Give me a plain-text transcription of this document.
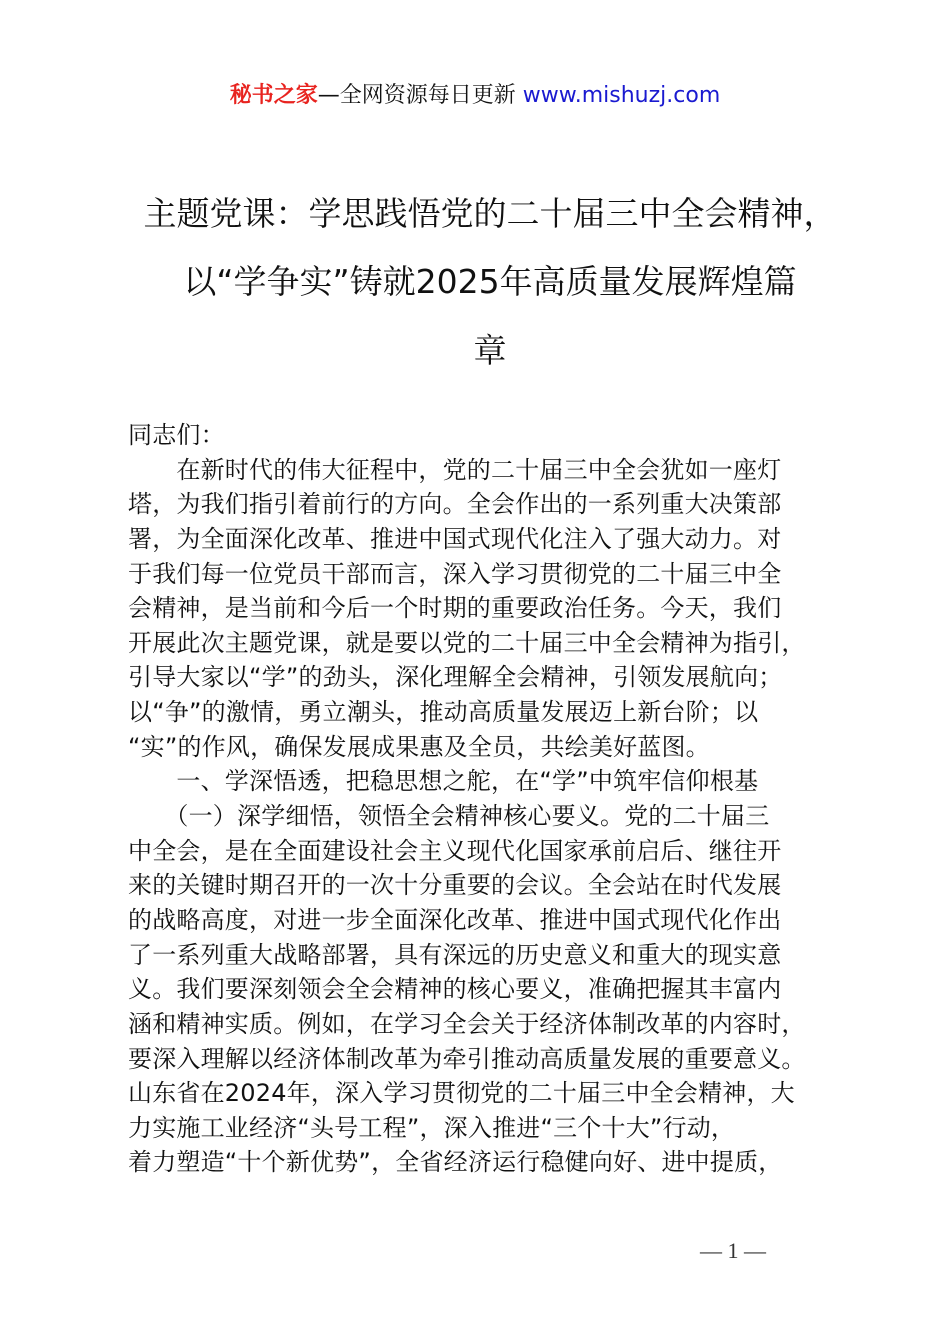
秘书之家—全网资源每日更新 www.mishuzj.com
主题党课：学思践悟党的二十届三中全会精神，
以“学争实”铸就2025年高质量发展辉煌篇
章
同志们：
　　在新时代的伟大征程中，党的二十届三中全会犹如一座灯
塔，为我们指引着前行的方向。全会作出的一系列重大决策部
署，为全面深化改革、推进中国式现代化注入了强大动力。对
于我们每一位党员干部而言，深入学习贯彻党的二十届三中全
会精神，是当前和今后一个时期的重要政治任务。今天，我们
开展此次主题党课，就是要以党的二十届三中全会精神为指引，
引导大家以“学”的劲头，深化理解全会精神，引领发展航向；
以“争”的激情，勇立潮头，推动高质量发展迈上新台阶；以
“实”的作风，确保发展成果惠及全员，共绘美好蓝图。
　　一、学深悟透，把稳思想之舵，在“学”中筑牢信仰根基
　　（一）深学细悟，领悟全会精神核心要义。党的二十届三
中全会，是在全面建设社会主义现代化国家承前启后、继往开
来的关键时期召开的一次十分重要的会议。全会站在时代发展
的战略高度，对进一步全面深化改革、推进中国式现代化作出
了一系列重大战略部署，具有深远的历史意义和重大的现实意
义。我们要深刻领会全会精神的核心要义，准确把握其丰富内
涵和精神实质。例如，在学习全会关于经济体制改革的内容时，
要深入理解以经济体制改革为牵引推动高质量发展的重要意义。
山东省在2024年，深入学习贯彻党的二十届三中全会精神，大
力实施工业经济“头号工程”，深入推进“三个十大”行动，
着力塑造“十个新优势”，全省经济运行稳健向好、进中提质，
— 1 —
